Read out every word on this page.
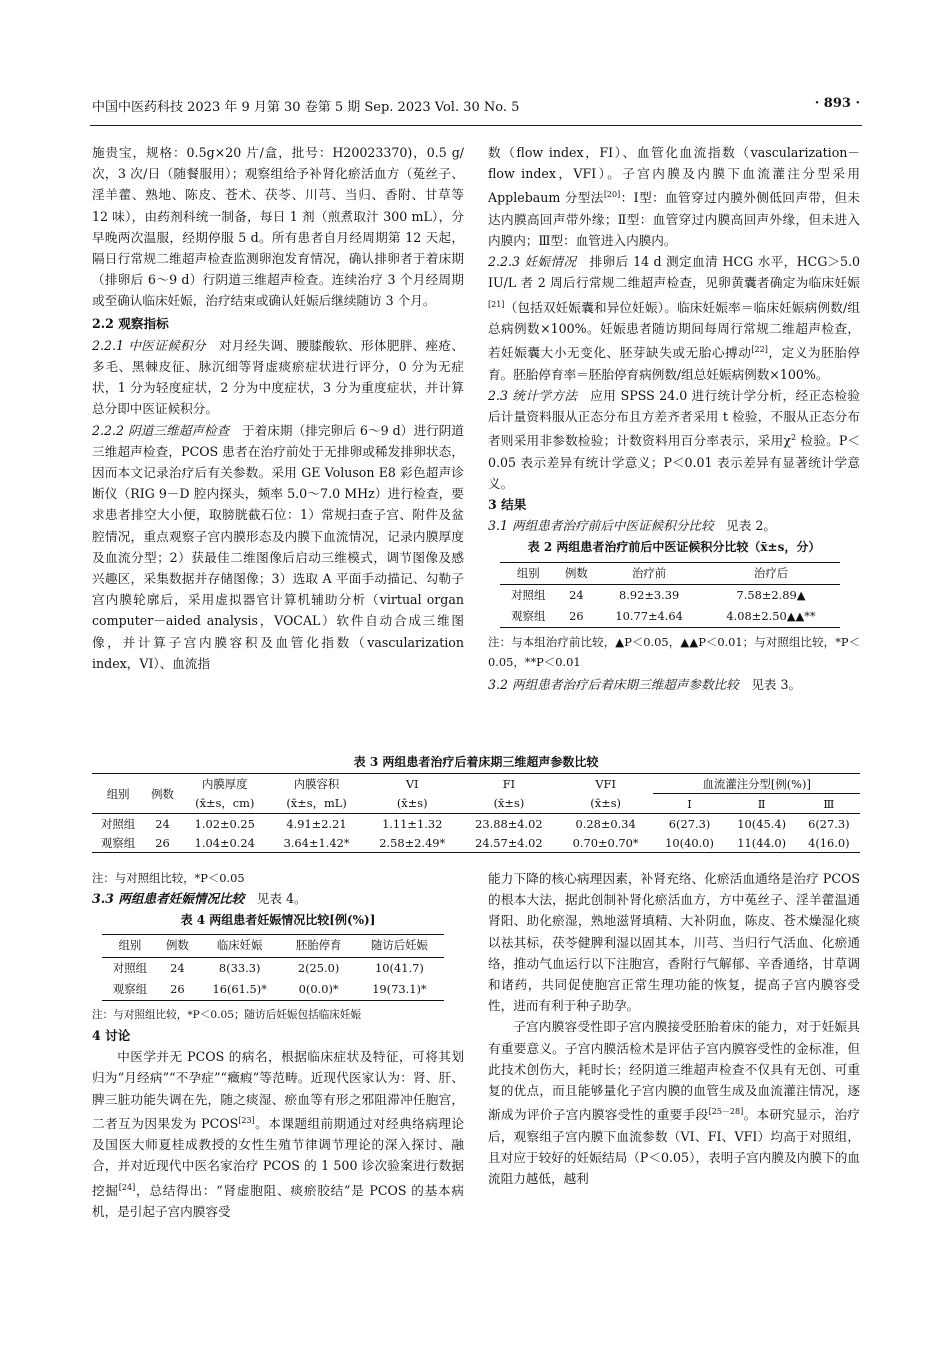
中国中医药科技 2023 年 9 月第 30 卷第 5 期 Sep. 2023 Vol. 30 No. 5	· 893 ·

施贵宝，规格：0.5g×20 片/盒，批号：H20023370)，0.5 g/次，3 次/日（随餐服用）；观察组给予补肾化瘀活血方（菟丝子、淫羊藿、熟地、陈皮、苍术、茯苓、川芎、当归、香附、甘草等 12 味），由药剂科统一制备，每日 1 剂（煎煮取汁 300 mL），分早晚两次温服，经期停服 5 d。所有患者自月经周期第 12 天起，隔日行常规二维超声检查监测卵泡发育情况，确认排卵者于着床期（排卵后 6～9 d）行阴道三维超声检查。连续治疗 3 个月经周期或至确认临床妊娠，治疗结束或确认妊娠后继续随访 3 个月。

2.2 观察指标

2.2.1 中医证候积分　 对月经失调、腰膝酸软、形体肥胖、痤疮、多毛、黑棘皮征、脉沉细等肾虚痰瘀症状进行评分，0 分为无症状，1 分为轻度症状，2 分为中度症状，3 分为重度症状，并计算总分即中医证候积分。

2.2.2 阴道三维超声检查　 于着床期（排完卵后 6～9 d）进行阴道三维超声检查，PCOS 患者在治疗前处于无排卵或稀发排卵状态，因而本文记录治疗后有关参数。采用 GE Voluson E8 彩色超声诊断仪（RIG 9－D 腔内探头，频率 5.0～7.0 MHz）进行检查，要求患者排空大小便，取膀胱截石位：1）常规扫查子宫、附件及盆腔情况，重点观察子宫内膜形态及内膜下血流情况，记录内膜厚度及血流分型；2）获最佳二维图像后启动三维模式，调节图像及感兴趣区，采集数据并存储图像；3）选取 A 平面手动描记、勾勒子宫内膜轮廓后，采用虚拟器官计算机辅助分析（virtual organ computer－aided analysis，VOCAL）软件自动合成三维图像，并计算子宫内膜容积及血管化指数（vascularization index，VI）、血流指

数（flow index，FI）、血管化血流指数（vascularization－flow index，VFI）。子宫内膜及内膜下血流灌注分型采用 Applebaum 分型法[20]：Ⅰ型：血管穿过内膜外侧低回声带，但未达内膜高回声带外缘；Ⅱ型：血管穿过内膜高回声外缘，但未进入内膜内；Ⅲ型：血管进入内膜内。

2.2.3 妊娠情况　 排卵后 14 d 测定血清 HCG 水平，HCG＞5.0 IU/L 者 2 周后行常规二维超声检查，见卵黄囊者确定为临床妊娠[21]（包括双妊娠囊和异位妊娠）。临床妊娠率＝临床妊娠病例数/组总病例数×100%。妊娠患者随访期间每周行常规二维超声检查，若妊娠囊大小无变化、胚芽缺失或无胎心搏动[22]，定义为胚胎停育。胚胎停育率＝胚胎停育病例数/组总妊娠病例数×100%。

2.3 统计学方法　 应用 SPSS 24.0 进行统计学分析，经正态检验后计量资料服从正态分布且方差齐者采用 t 检验，不服从正态分布者则采用非参数检验；计数资料用百分率表示，采用$\chi^2$ 检验。P＜0.05 表示差异有统计学意义；P＜0.01 表示差异有显著统计学意义。

3 结果

3.1 两组患者治疗前后中医证候积分比较　 见表 2。

表 2 两组患者治疗前后中医证候积分比较（x̄±s，分）
组别	例数	治疗前	治疗后
对照组	24	8.92±3.39	7.58±2.89▲
观察组	26	10.77±4.64	4.08±2.50▲▲**

注：与本组治疗前比较，▲P＜0.05，▲▲P＜0.01；与对照组比较，*P＜0.05，**P＜0.01

3.2 两组患者治疗后着床期三维超声参数比较　 见表 3。

表 3 两组患者治疗后着床期三维超声参数比较
组别	例数	内膜厚度	内膜容积	VI	FI	VFI	血流灌注分型[例(%)]		
		(x̄±s，cm)	(x̄±s，mL)	(x̄±s)	(x̄±s)	(x̄±s)	Ⅰ	Ⅱ	Ⅲ
对照组	24	1.02±0.25	4.91±2.21	1.11±1.32	23.88±4.02	0.28±0.34	6(27.3)	10(45.4)	6(27.3)
观察组	26	1.04±0.24	3.64±1.42*	2.58±2.49*	24.57±4.02	0.70±0.70*	10(40.0)	11(44.0)	4(16.0)

注：与对照组比较，*P＜0.05

3.3 两组患者妊娠情况比较　 见表 4。

表 4 两组患者妊娠情况比较[例(%)]
组别	例数	临床妊娠	胚胎停育	随访后妊娠
对照组	24	8(33.3)	2(25.0)	10(41.7)
观察组	26	16(61.5)*	0(0.0)*	19(73.1)*

注：与对照组比较，*P＜0.05；随访后妊娠包括临床妊娠

4 讨论

中医学并无 PCOS 的病名，根据临床症状及特征，可将其划归为“月经病”“不孕症”“癥瘕”等范畴。近现代医家认为：肾、肝、脾三脏功能失调在先，随之痰湿、瘀血等有形之邪阻滞冲任胞宫，二者互为因果发为 PCOS[23]。本课题组前期通过对经典络病理论及国医大师夏桂成教授的女性生殖节律调节理论的深入探讨、融合，并对近现代中医名家治疗 PCOS 的 1 500 诊次验案进行数据挖掘[24]，总结得出：“肾虚胞阻、痰瘀胶结”是 PCOS 的基本病机，是引起子宫内膜容受

能力下降的核心病理因素，补肾充络、化瘀活血通络是治疗 PCOS 的根本大法，据此创制补肾化瘀活血方，方中菟丝子、淫羊藿温通肾阳、助化瘀湿，熟地滋肾填精、大补阴血，陈皮、苍术燥湿化痰以祛其标，茯苓健脾利湿以固其本，川芎、当归行气活血、化瘀通络，推动气血运行以下注胞宫，香附行气解郁、辛香通络，甘草调和诸药，共同促使胞宫正常生理功能的恢复，提高子宫内膜容受性，进而有利于种子助孕。

子宫内膜容受性即子宫内膜接受胚胎着床的能力，对于妊娠具有重要意义。子宫内膜活检术是评估子宫内膜容受性的金标准，但此技术创伤大，耗时长；经阴道三维超声检查不仅具有无创、可重复的优点，而且能够量化子宫内膜的血管生成及血流灌注情况，逐渐成为评价子宫内膜容受性的重要手段[25－28]。本研究显示，治疗后，观察组子宫内膜下血流参数（VI、FI、VFI）均高于对照组，且对应于较好的妊娠结局（P＜0.05），表明子宫内膜及内膜下的血流阻力越低，越利
